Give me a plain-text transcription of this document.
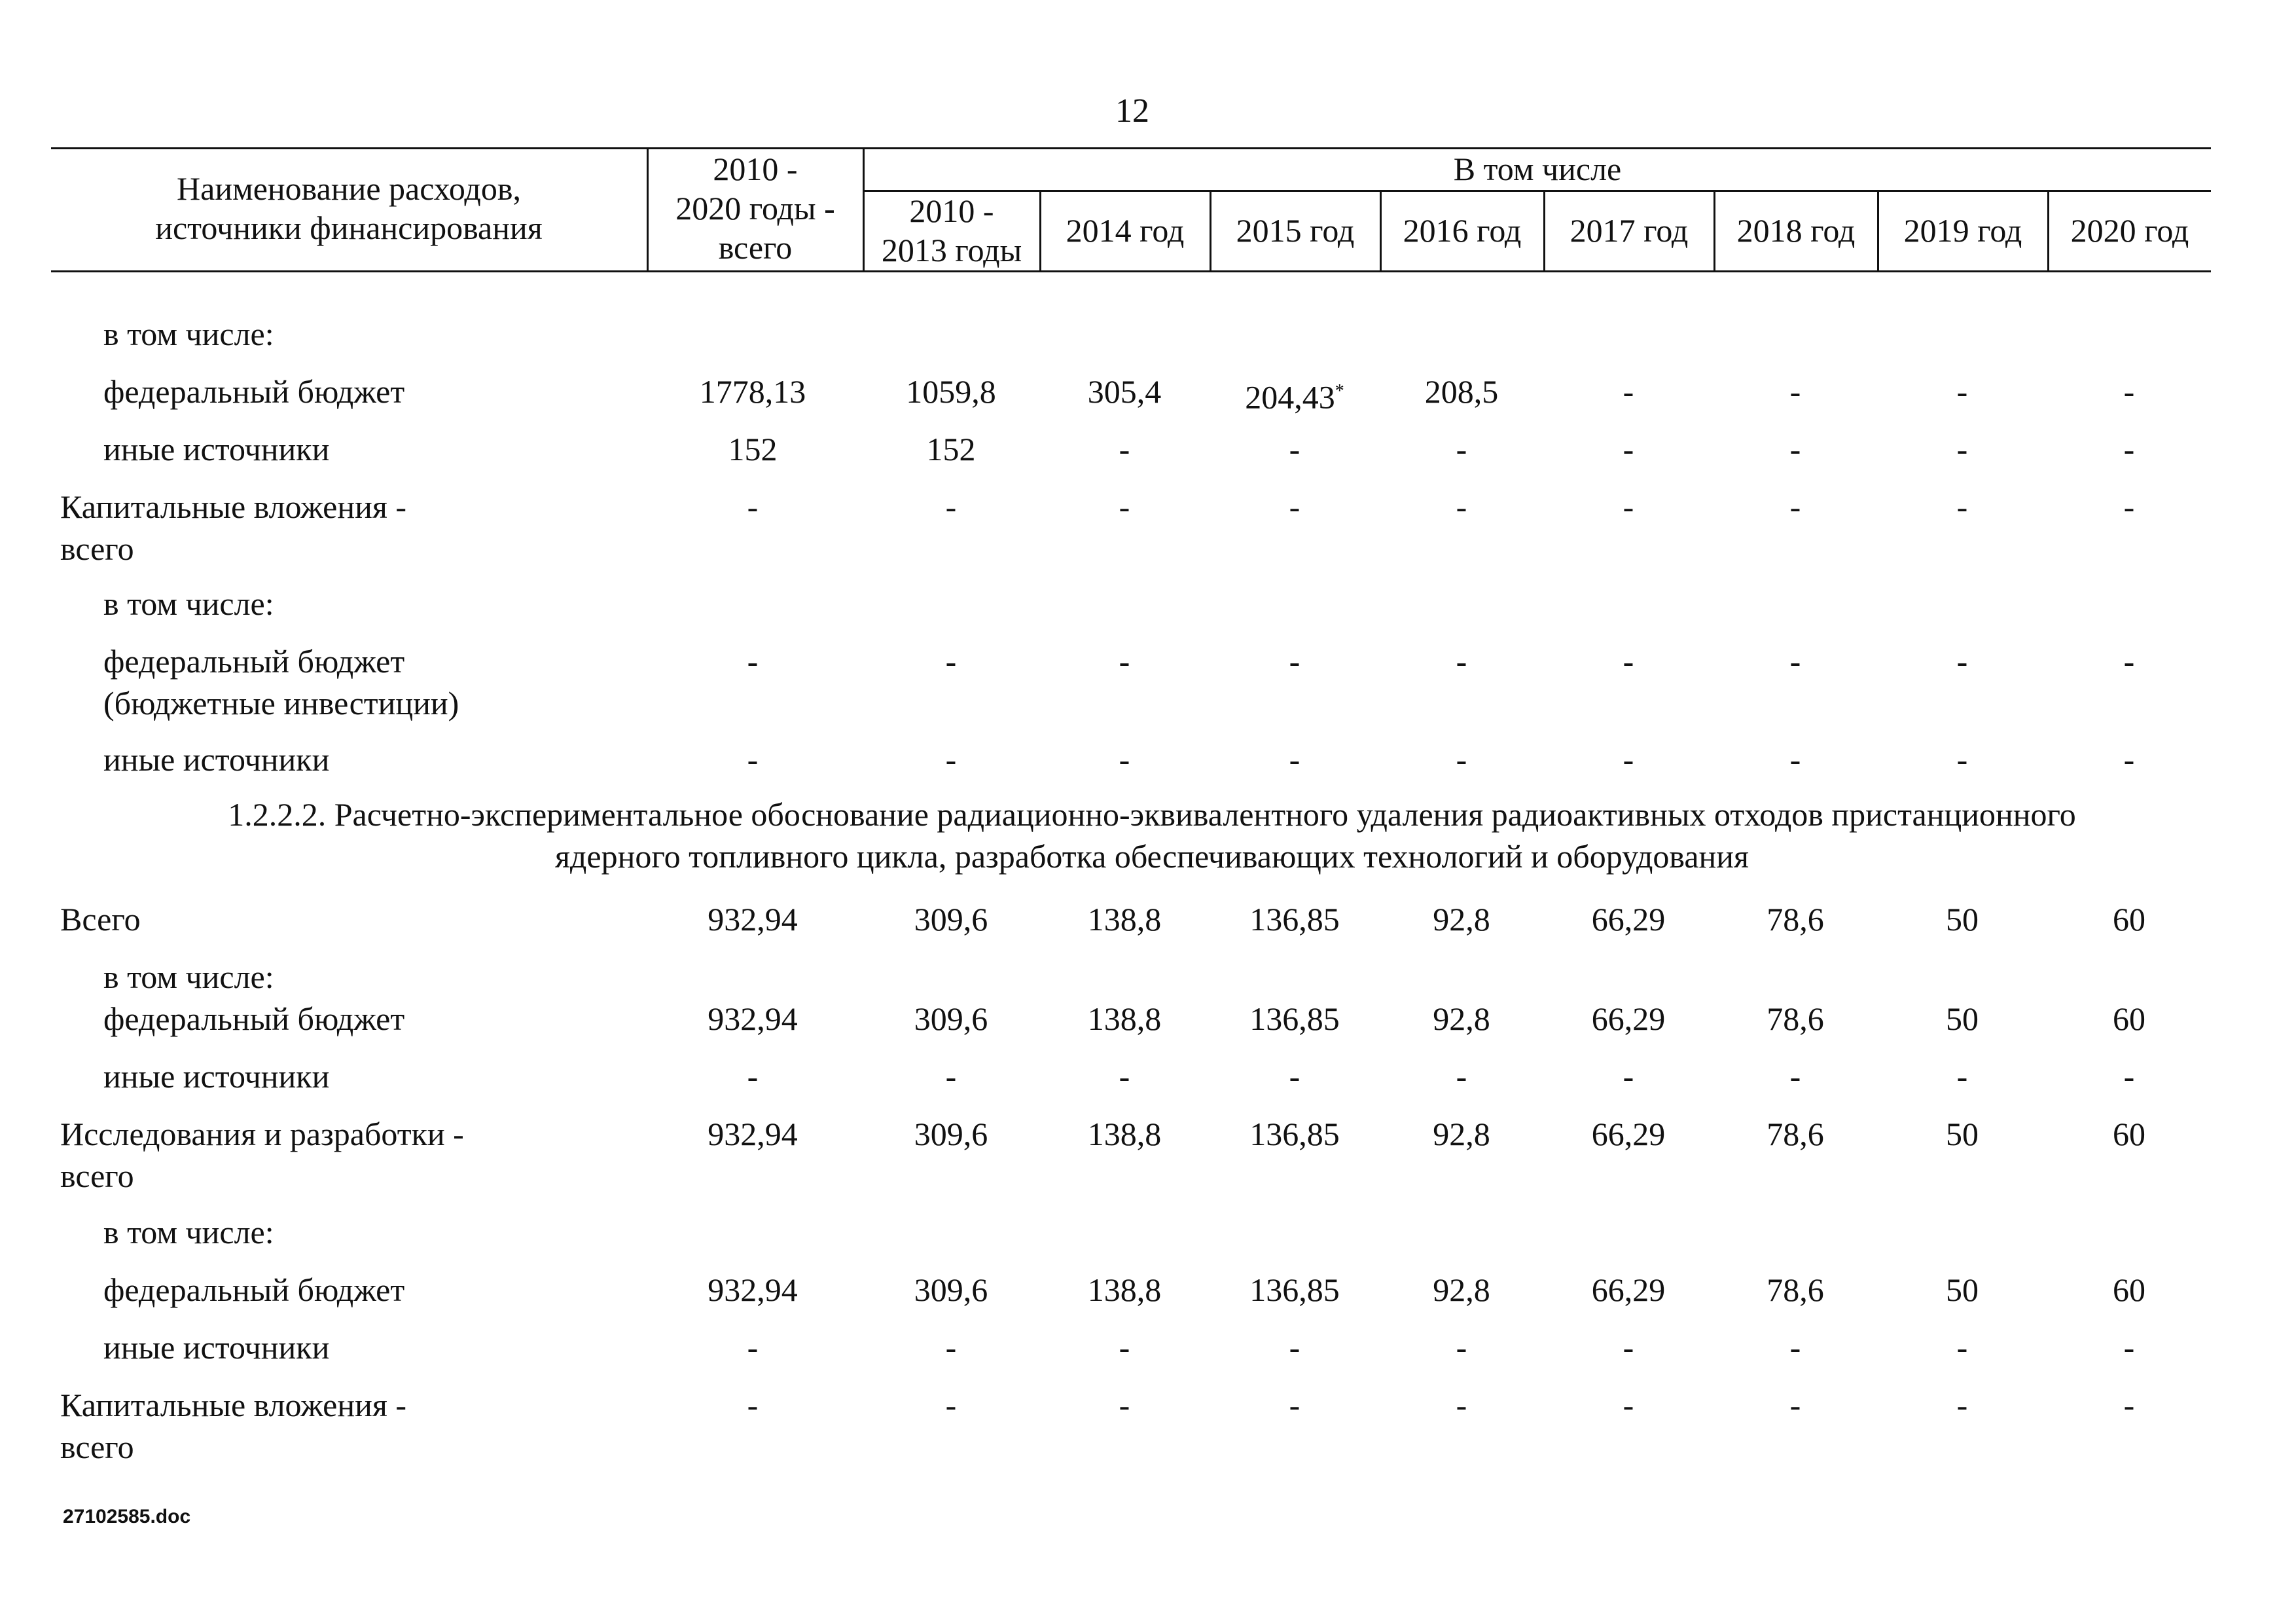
12
Наименование расходов,
источники финансирования
2010 -
2020 годы -
всего
В том числе
2010 -
2013 годы
2014 год	2015 год	2016 год	2017 год	2018 год	2019 год	2020 год
в том числе:
федеральный бюджет	1778,13	1059,8	305,4	204,43*	208,5	-	-	-	-
иные источники	152	152	-	-	-	-	-	-	-
Капитальные вложения -
всего
-	-	-	-	-	-	-	-	-
в том числе:
федеральный бюджет
(бюджетные инвестиции)
-	-	-	-	-	-	-	-	-
иные источники	-	-	-	-	-	-	-	-	-
Всего	932,94	309,6	138,8	136,85	92,8	66,29	78,6	50	60
в том числе:
федеральный бюджет	932,94	309,6	138,8	136,85	92,8	66,29	78,6	50	60
иные источники	-	-	-	-	-	-	-	-	-
Исследования и разработки -
всего
932,94	309,6	138,8	136,85	92,8	66,29	78,6	50	60
в том числе:
федеральный бюджет	932,94	309,6	138,8	136,85	92,8	66,29	78,6	50	60
иные источники	-	-	-	-	-	-	-	-	-
Капитальные вложения -
всего
-	-	-	-	-	-	-	-	-
1.2.2.2. Расчетно-экспериментальное обоснование радиационно-эквивалентного удаления радиоактивных отходов пристанционного
ядерного топливного цикла, разработка обеспечивающих технологий и оборудования
27102585.doc
